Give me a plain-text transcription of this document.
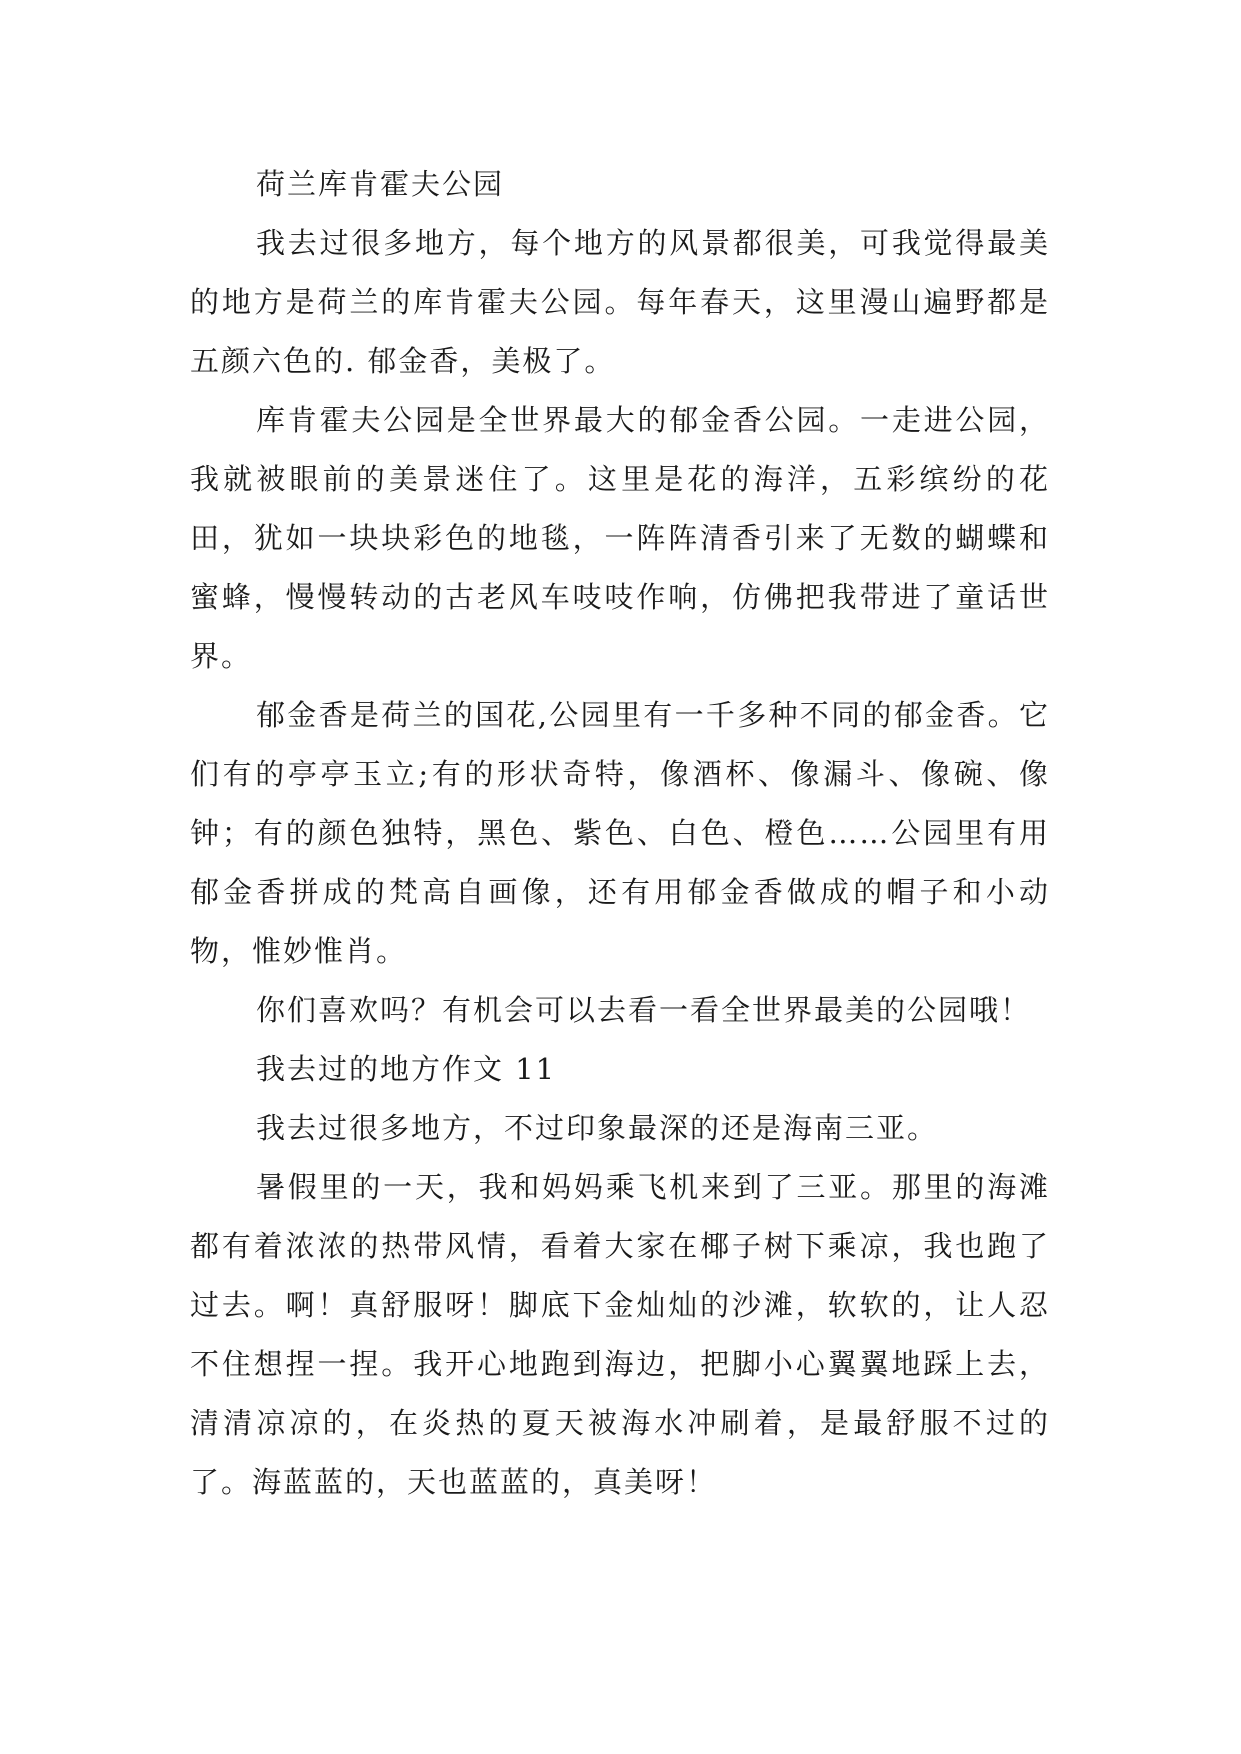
荷兰库肯霍夫公园

我去过很多地方，每个地方的风景都很美，可我觉得最美的地方是荷兰的库肯霍夫公园。每年春天，这里漫山遍野都是五颜六色的. 郁金香，美极了。

库肯霍夫公园是全世界最大的郁金香公园。一走进公园，我就被眼前的美景迷住了。这里是花的海洋，五彩缤纷的花田，犹如一块块彩色的地毯，一阵阵清香引来了无数的蝴蝶和蜜蜂，慢慢转动的古老风车吱吱作响，仿佛把我带进了童话世界。

郁金香是荷兰的国花,公园里有一千多种不同的郁金香。它们有的亭亭玉立;有的形状奇特，像酒杯、像漏斗、像碗、像钟；有的颜色独特，黑色、紫色、白色、橙色……公园里有用郁金香拼成的梵高自画像，还有用郁金香做成的帽子和小动物，惟妙惟肖。

你们喜欢吗？有机会可以去看一看全世界最美的公园哦！

我去过的地方作文 11

我去过很多地方，不过印象最深的还是海南三亚。

暑假里的一天，我和妈妈乘飞机来到了三亚。那里的海滩都有着浓浓的热带风情，看着大家在椰子树下乘凉，我也跑了过去。啊！真舒服呀！脚底下金灿灿的沙滩，软软的，让人忍不住想捏一捏。我开心地跑到海边，把脚小心翼翼地踩上去，清清凉凉的，在炎热的夏天被海水冲刷着，是最舒服不过的了。海蓝蓝的，天也蓝蓝的，真美呀！
